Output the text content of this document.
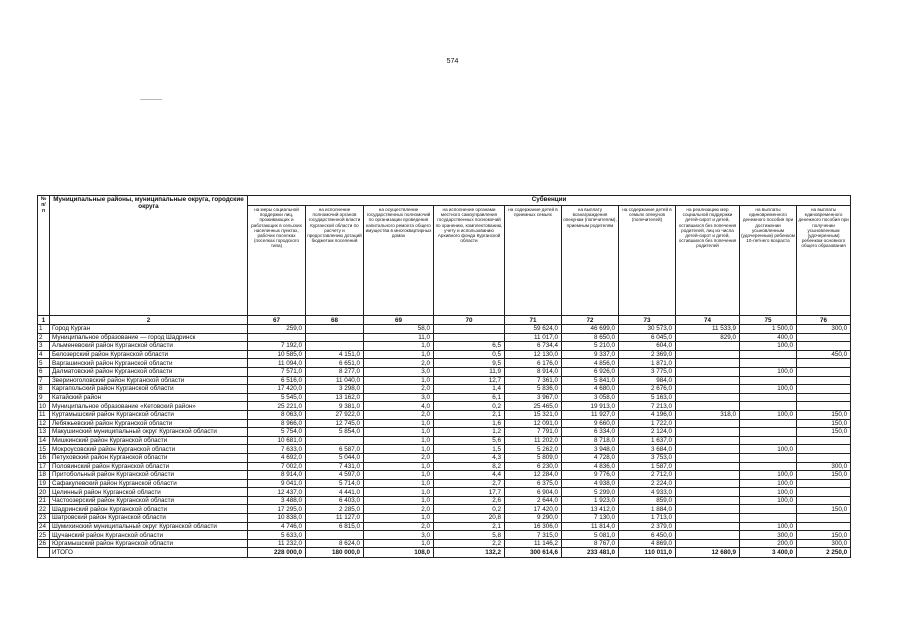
574
№ п/п	Муниципальные районы, муниципальные округа, городские округа	Субвенции									
		на меры социальной поддержки лиц, проживающих и работающих в сельских населенных пунктах, рабочих поселках (поселках городского типа)	на исполнение полномочий органов государственной власти Курганской области по расчету и предоставлению дотаций бюджетам поселений	на осуществление государственных полномочий по организации проведения капитального ремонта общего имущества в многоквартирных домах	на исполнение органами местного самоуправления государственных полномочий по хранению, комплектованию, учету и использованию Архивного фонда Курганской области	на содержание детей в приемных семьях	на выплату вознаграждения опекунам (попечителям), приемным родителям	на содержание детей в семьях опекунов (попечителей)	на реализацию мер социальной поддержки детей-сирот и детей, оставшихся без попечения родителей, лиц из числа детей-сирот и детей, оставшихся без попечения родителей	на выплаты единовременного денежного пособия при достижении усыновленным (удочеренным) ребенком 10-летнего возраста	на выплаты единовременного денежного пособия при получении усыновленным (удочеренным) ребенком основного общего образования
1	2	67	68	69	70	71	72	73	74	75	76
1	Город Курган	259,0		58,0		59 624,0	46 699,0	30 573,0	11 533,9	1 500,0	300,0
2	Муниципальное образование — город Шадринск			11,0		11 017,0	8 650,0	6 045,0	829,0	400,0	
3	Альменевский район Курганской области	7 192,0		1,0	6,5	6 734,4	5 210,0	604,0		100,0	
4	Белозерский район Курганской области	10 585,0	4 151,0	1,0	0,5	12 130,0	9 337,0	2 369,0			450,0
5	Варгашинский район Курганской области	11 094,0	6 651,0	2,0	9,5	6 176,0	4 856,0	1 871,0			
6	Далматовский район Курганской области	7 571,0	8 277,0	3,0	11,9	8 914,0	6 926,0	3 775,0		100,0	
7	Звериноголовский район Курганской области	6 516,0	11 040,0	1,0	12,7	7 361,0	5 841,0	984,0			
8	Каргапольский район Курганской области	17 420,0	3 298,0	2,0	1,4	5 836,0	4 680,0	2 676,0		100,0	
9	Катайский район	5 545,0	13 162,0	3,0	6,1	3 967,0	3 058,0	5 163,0			
10	Муниципальное образование «Кетовский район»	25 221,0	9 381,0	4,0	0,2	25 465,0	19 913,0	7 213,0			
11	Куртамышский район Курганской области	8 063,0	27 922,0	2,0	2,1	15 321,0	11 927,0	4 196,0	318,0	100,0	150,0
12	Лебяжьевский район Курганской области	8 966,0	12 745,0	1,0	1,6	12 091,0	9 660,0	1 722,0			150,0
13	Макушинский муниципальный округ Курганской области	5 754,0	5 854,0	1,0	1,2	7 791,0	6 334,0	2 124,0			150,0
14	Мишкинский район Курганской области	10 681,0		1,0	5,6	11 202,0	8 718,0	1 637,0			
15	Мокроусовский район Курганской области	7 633,0	6 587,0	1,0	1,5	5 262,0	3 948,0	3 684,0		100,0	
16	Петуховский район Курганской области	4 692,0	5 044,0	2,0	4,3	5 809,0	4 728,0	3 753,0			
17	Половинский район Курганской области	7 002,0	7 431,0	1,0	8,2	6 230,0	4 836,0	1 587,0			300,0
18	Притобольный район Курганской области	8 914,0	4 597,0	1,0	4,4	12 284,0	9 776,0	2 712,0		100,0	150,0
19	Сафакулевский район Курганской области	9 041,0	5 714,0	1,0	2,7	6 375,0	4 938,0	2 224,0		100,0	
20	Целинный район Курганской области	12 437,0	4 441,0	1,0	17,7	6 904,0	5 299,0	4 933,0		100,0	
21	Частоозерский район Курганской области	3 488,0	6 403,0	1,0	2,6	2 644,0	1 923,0	859,0		100,0	
22	Шадринский район Курганской области	17 295,0	2 285,0	2,0	0,2	17 420,0	13 412,0	1 884,0			150,0
23	Шатровский район Курганской области	10 838,0	11 127,0	1,0	20,8	9 290,0	7 130,0	1 713,0			
24	Шумихинский муниципальный округ Курганской области	4 746,0	6 815,0	2,0	2,1	16 306,0	11 814,0	2 379,0		100,0	
25	Щучанский район Курганской области	5 633,0		3,0	5,8	7 315,0	5 081,0	6 450,0		300,0	150,0
26	Юргамышский район Курганской области	11 232,0	8 624,0	1,0	2,2	11 146,2	8 767,0	4 869,0		200,0	300,0
	ИТОГО	228 000,0	180 000,0	108,0	132,2	300 614,6	233 481,0	110 011,0	12 680,9	3 400,0	2 250,0
